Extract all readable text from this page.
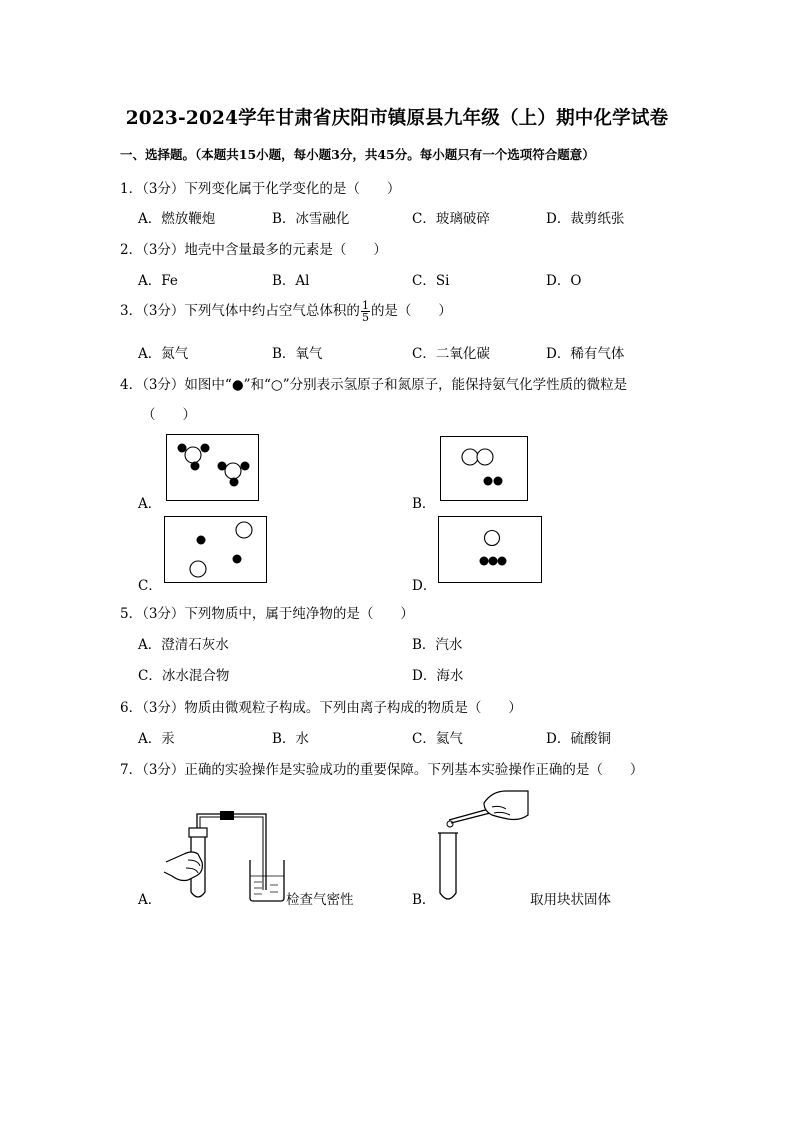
2023-2024学年甘肃省庆阳市镇原县九年级（上）期中化学试卷
一、选择题。（本题共15小题，每小题3分，共45分。每小题只有一个选项符合题意）
1．（3分）下列变化属于化学变化的是（　　）
A．燃放鞭炮	B．冰雪融化	C．玻璃破碎	D．裁剪纸张
2．（3分）地壳中含量最多的元素是（　　）
A．Fe	B．Al	C．Si	D．O
3．（3分）下列气体中约占空气总体积的 $\frac{1}{5}$ 的是（　　）
A．氮气	B．氧气	C．二氧化碳	D．稀有气体
4．（3分）如图中“●”和“○”分别表示氢原子和氮原子，能保持氨气化学性质的微粒是
（　　）
A．	B．
C．	D．
5．（3分）下列物质中，属于纯净物的是（　　）
A．澄清石灰水	B．汽水
C．冰水混合物	D．海水
6．（3分）物质由微观粒子构成。下列由离子构成的物质是（　　）
A．汞	B．水	C．氦气	D．硫酸铜
7．（3分）正确的实验操作是实验成功的重要保障。下列基本实验操作正确的是（　　）
A．	检查气密性	B．	取用块状固体
